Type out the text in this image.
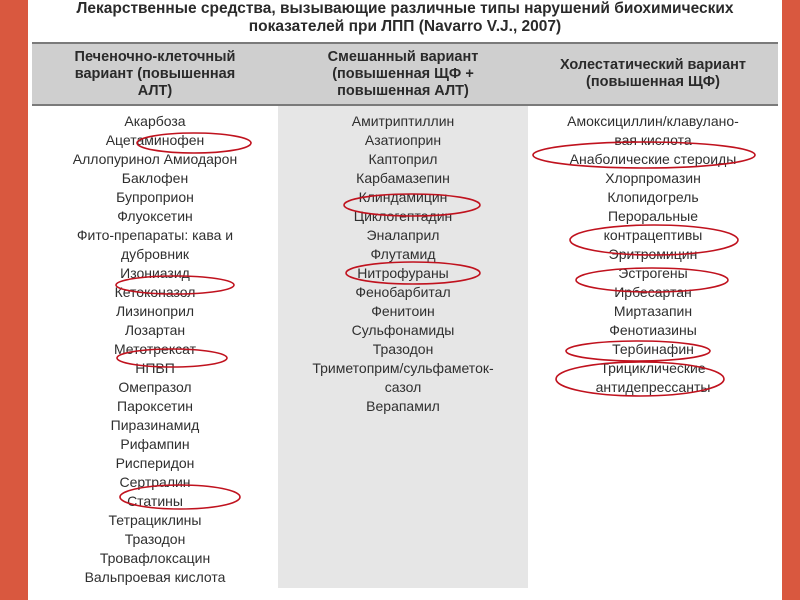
Лекарственные средства, вызывающие различные типы нарушений биохимических показателей при ЛПП (Navarro V.J., 2007)
Печеночно-клеточный
вариант (повышенная
АЛТ)
Смешанный вариант
(повышенная ЩФ +
повышенная АЛТ)
Холестатический вариант
(повышенная ЩФ)
Акарбоза
Ацетаминофен
Аллопуринол Амиодарон
Баклофен
Бупроприон
Флуоксетин
Фито-препараты: кава и
дубровник
Изониазид
Кетоконазол
Лизиноприл
Лозартан
Метотрексат
НПВП
Омепразол
Пароксетин
Пиразинамид
Рифампин
Рисперидон
Сертралин
Статины
Тетрациклины
Тразодон
Тровафлоксацин
Вальпроевая кислота
Амитриптиллин
Азатиоприн
Каптоприл
Карбамазепин
Клиндамицин
Циклогептадин
Эналаприл
Флутамид
Нитрофураны
Фенобарбитал
Фенитоин
Сульфонамиды
Тразодон
Триметоприм/сульфаметок-
сазол
Верапамил
Амоксициллин/клавулано-
вая кислота
Анаболические стероиды
Хлорпромазин
Клопидогрель
Пероральные
контрацептивы
Эритромицин
Эстрогены
Ирбесартан
Миртазапин
Фенотиазины
Тербинафин
Трициклические
антидепрессанты
